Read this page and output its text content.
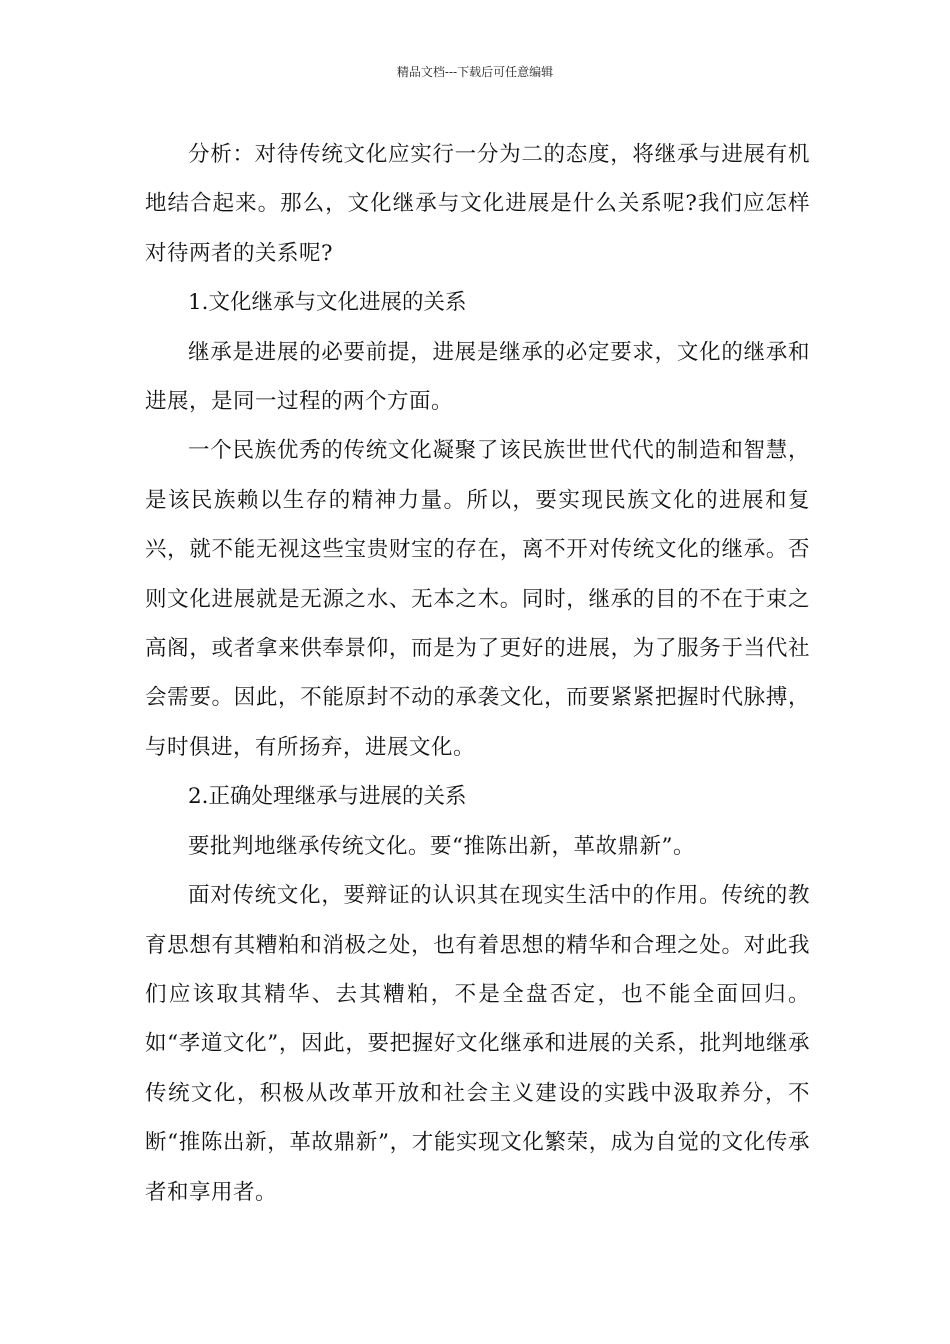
精品文档---下载后可任意编辑

分析：对待传统文化应实行一分为二的态度，将继承与进展有机地结合起来。那么，文化继承与文化进展是什么关系呢?我们应怎样对待两者的关系呢?

1.文化继承与文化进展的关系

继承是进展的必要前提，进展是继承的必定要求，文化的继承和进展，是同一过程的两个方面。

一个民族优秀的传统文化凝聚了该民族世世代代的制造和智慧，是该民族赖以生存的精神力量。所以，要实现民族文化的进展和复兴，就不能无视这些宝贵财宝的存在，离不开对传统文化的继承。否则文化进展就是无源之水、无本之木。同时，继承的目的不在于束之高阁，或者拿来供奉景仰，而是为了更好的进展，为了服务于当代社会需要。因此，不能原封不动的承袭文化，而要紧紧把握时代脉搏，与时俱进，有所扬弃，进展文化。

2.正确处理继承与进展的关系

要批判地继承传统文化。要“推陈出新，革故鼎新”。

面对传统文化，要辩证的认识其在现实生活中的作用。传统的教育思想有其糟粕和消极之处，也有着思想的精华和合理之处。对此我们应该取其精华、去其糟粕，不是全盘否定，也不能全面回归。如“孝道文化”，因此，要把握好文化继承和进展的关系，批判地继承传统文化，积极从改革开放和社会主义建设的实践中汲取养分，不断“推陈出新，革故鼎新”，才能实现文化繁荣，成为自觉的文化传承者和享用者。
